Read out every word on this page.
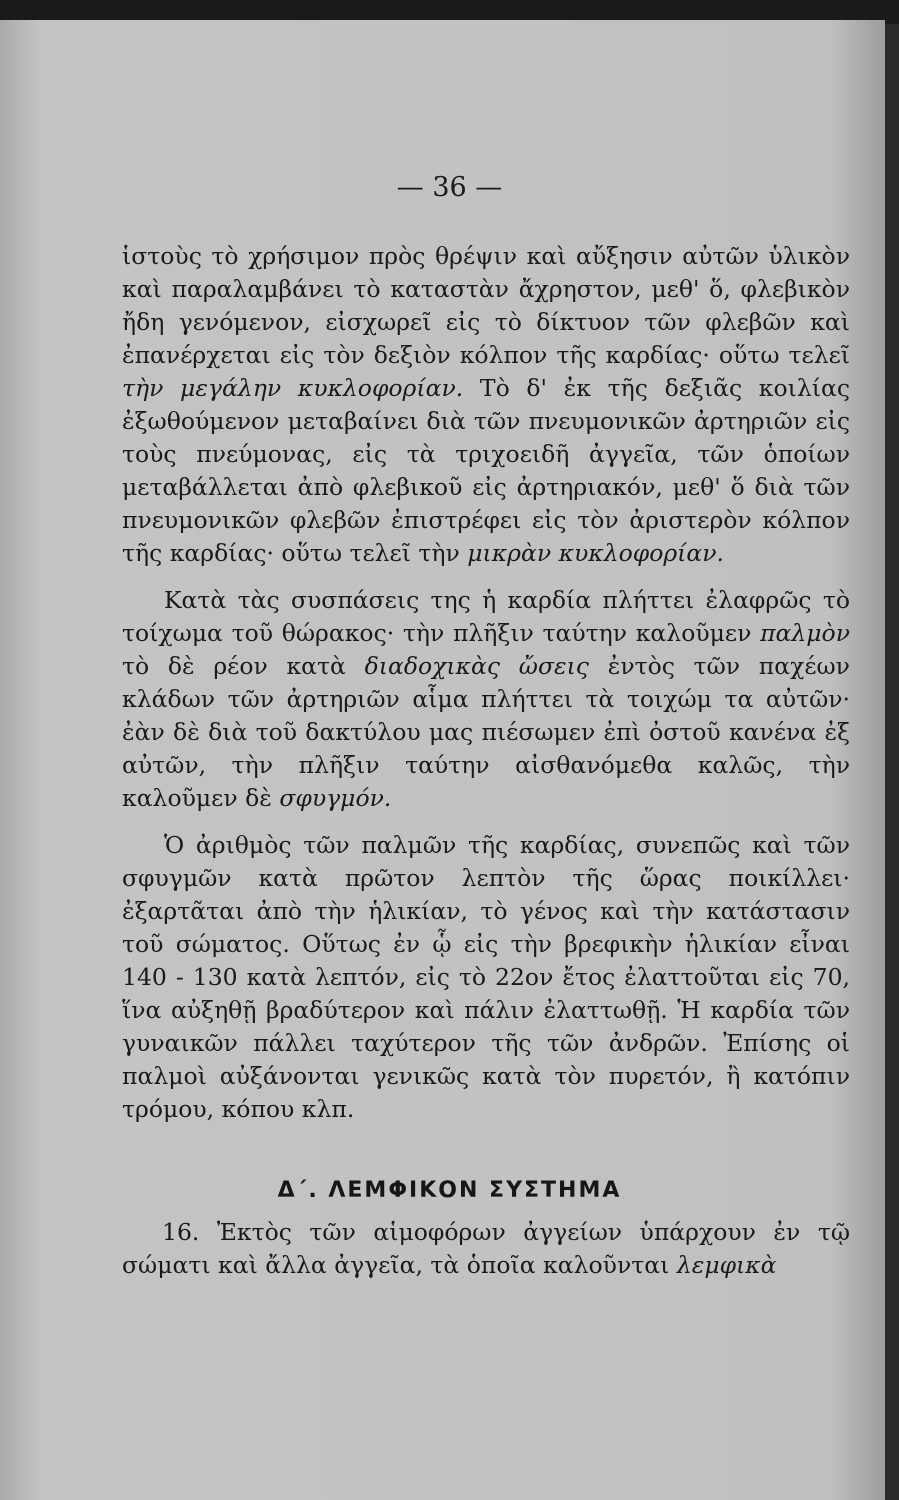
— 36 —

ἱστοὺς τὸ χρήσιμον πρὸς θρέψιν καὶ αὔξησιν αὐτῶν ὑλικὸν καὶ παραλαμβάνει τὸ καταστὰν ἄχρηστον, μεθ' ὅ, φλεβικὸν ἤδη γενόμενον, εἰσχωρεῖ εἰς τὸ δίκτυον τῶν φλεβῶν καὶ ἐπανέρχεται εἰς τὸν δεξιὸν κόλπον τῆς καρδίας· οὕτω τελεῖ τὴν μεγάλην κυκλοφορίαν. Τὸ δ' ἐκ τῆς δεξιᾶς κοιλίας ἐξωθούμενον μεταβαίνει διὰ τῶν πνευμονικῶν ἀρτηριῶν εἰς τοὺς πνεύμονας, εἰς τὰ τριχοειδῆ ἀγγεῖα, τῶν ὁποίων μεταβάλλεται ἀπὸ φλεβικοῦ εἰς ἀρτηριακόν, μεθ' ὅ διὰ τῶν πνευμονικῶν φλεβῶν ἐπιστρέφει εἰς τὸν ἀριστερὸν κόλπον τῆς καρδίας· οὕτω τελεῖ τὴν μικρὰν κυκλοφορίαν.

Κατὰ τὰς συσπάσεις της ἡ καρδία πλήττει ἐλαφρῶς τὸ τοίχωμα τοῦ θώρακος· τὴν πλῆξιν ταύτην καλοῦμεν παλμὸν τὸ δὲ ρέον κατὰ διαδοχικὰς ὤσεις ἐντὸς τῶν παχέων κλάδων τῶν ἀρτηριῶν αἷμα πλήττει τὰ τοιχώμ τα αὐτῶν· ἐὰν δὲ διὰ τοῦ δακτύλου μας πιέσωμεν ἐπὶ ὀστοῦ κανένα ἐξ αὐτῶν, τὴν πλῆξιν ταύτην αἰσθανόμεθα καλῶς, τὴν καλοῦμεν δὲ σφυγμόν.

Ὁ ἀριθμὸς τῶν παλμῶν τῆς καρδίας, συνεπῶς καὶ τῶν σφυγμῶν κατὰ πρῶτον λεπτὸν τῆς ὥρας ποικίλλει· ἐξαρτᾶται ἀπὸ τὴν ἡλικίαν, τὸ γένος καὶ τὴν κατάστασιν τοῦ σώματος. Οὕτως ἐν ᾧ εἰς τὴν βρεφικὴν ἡλικίαν εἶναι 140 - 130 κατὰ λεπτόν, εἰς τὸ 22ον ἔτος ἐλαττοῦται εἰς 70, ἵνα αὐξηθῇ βραδύτερον καὶ πάλιν ἐλαττωθῇ. Ἡ καρδία τῶν γυναικῶν πάλλει ταχύτερον τῆς τῶν ἀνδρῶν. Ἐπίσης οἱ παλμοὶ αὐξάνονται γενικῶς κατὰ τὸν πυρετόν, ἢ κατόπιν τρόμου, κόπου κλπ.

Δ΄. ΛΕΜΦΙΚΟΝ ΣΥΣΤΗΜΑ

16. Ἐκτὸς τῶν αἱμοφόρων ἀγγείων ὑπάρχουν ἐν τῷ σώματι καὶ ἄλλα ἀγγεῖα, τὰ ὁποῖα καλοῦνται λεμφικὰ
